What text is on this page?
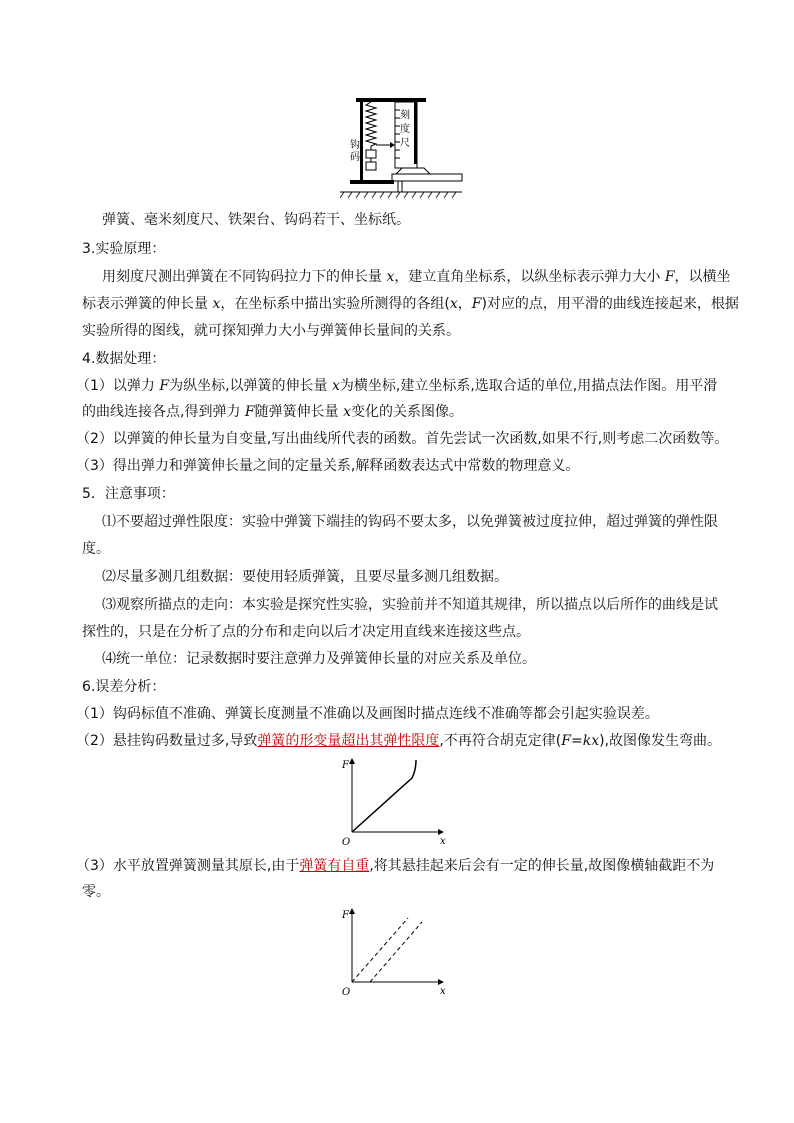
刻
度
尺
钩
码
弹簧、毫米刻度尺、铁架台、钩码若干、坐标纸。
3.实验原理：
用刻度尺测出弹簧在不同钩码拉力下的伸长量 x，建立直角坐标系，以纵坐标表示弹力大小 F，以横坐
标表示弹簧的伸长量 x，在坐标系中描出实验所测得的各组(x，F)对应的点，用平滑的曲线连接起来，根据
实验所得的图线，就可探知弹力大小与弹簧伸长量间的关系。
4.数据处理：
（1）以弹力 F为纵坐标,以弹簧的伸长量 x为横坐标,建立坐标系,选取合适的单位,用描点法作图。用平滑
的曲线连接各点,得到弹力 F随弹簧伸长量 x变化的关系图像。
（2）以弹簧的伸长量为自变量,写出曲线所代表的函数。首先尝试一次函数,如果不行,则考虑二次函数等。
（3）得出弹力和弹簧伸长量之间的定量关系,解释函数表达式中常数的物理意义。
5．注意事项：
⑴不要超过弹性限度：实验中弹簧下端挂的钩码不要太多，以免弹簧被过度拉伸，超过弹簧的弹性限
度。
⑵尽量多测几组数据：要使用轻质弹簧，且要尽量多测几组数据。
⑶观察所描点的走向：本实验是探究性实验，实验前并不知道其规律，所以描点以后所作的曲线是试
探性的，只是在分析了点的分布和走向以后才决定用直线来连接这些点。
⑷统一单位：记录数据时要注意弹力及弹簧伸长量的对应关系及单位。
6.误差分析：
（1）钩码标值不准确、弹簧长度测量不准确以及画图时描点连线不准确等都会引起实验误差。
（2）悬挂钩码数量过多,导致弹簧的形变量超出其弹性限度,不再符合胡克定律(F=kx),故图像发生弯曲。
F
x
O
（3）水平放置弹簧测量其原长,由于弹簧有自重,将其悬挂起来后会有一定的伸长量,故图像横轴截距不为
零。
F
x
O
